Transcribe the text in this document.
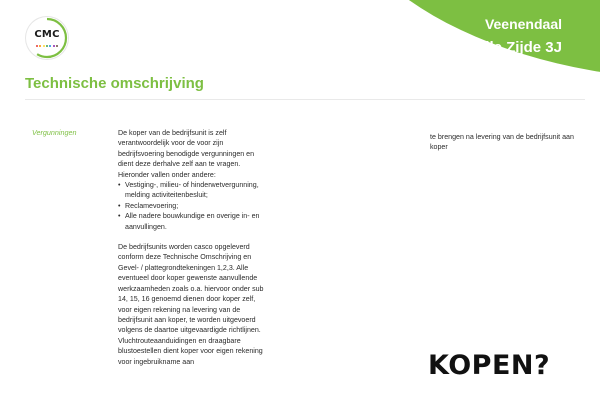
Veenendaal
De Smalle Zijde 3J
CMC
Technische omschrijving
Vergunningen	De koper van de bedrijfsunit is zelf verantwoordelijk voor de voor zijn bedrijfsvoering benodigde vergunningen en dient deze derhalve zelf aan te vragen. Hieronder vallen onder andere:

• Vestiging-, milieu- of hinderwetvergunning, melding activiteitenbesluit;
• Reclamevoering;
• Alle nadere bouwkundige en overige in- en aanvullingen.

De bedrijfsunits worden casco opgeleverd conform deze Technische Omschrijving en Gevel- / plattegrondtekeningen 1,2,3. Alle eventueel door koper gewenste aanvullende werkzaamheden zoals o.a. hiervoor onder sub 14, 15, 16 genoemd dienen door koper zelf, voor eigen rekening na levering van de bedrijfsunit aan koper, te worden uitgevoerd volgens de daartoe uitgevaardigde richtlijnen. Vluchtrouteaanduidingen en draagbare blustoestellen dient koper voor eigen rekening voor ingebruikname aan

te brengen na levering van de bedrijfsunit aan koper

KOPEN?
